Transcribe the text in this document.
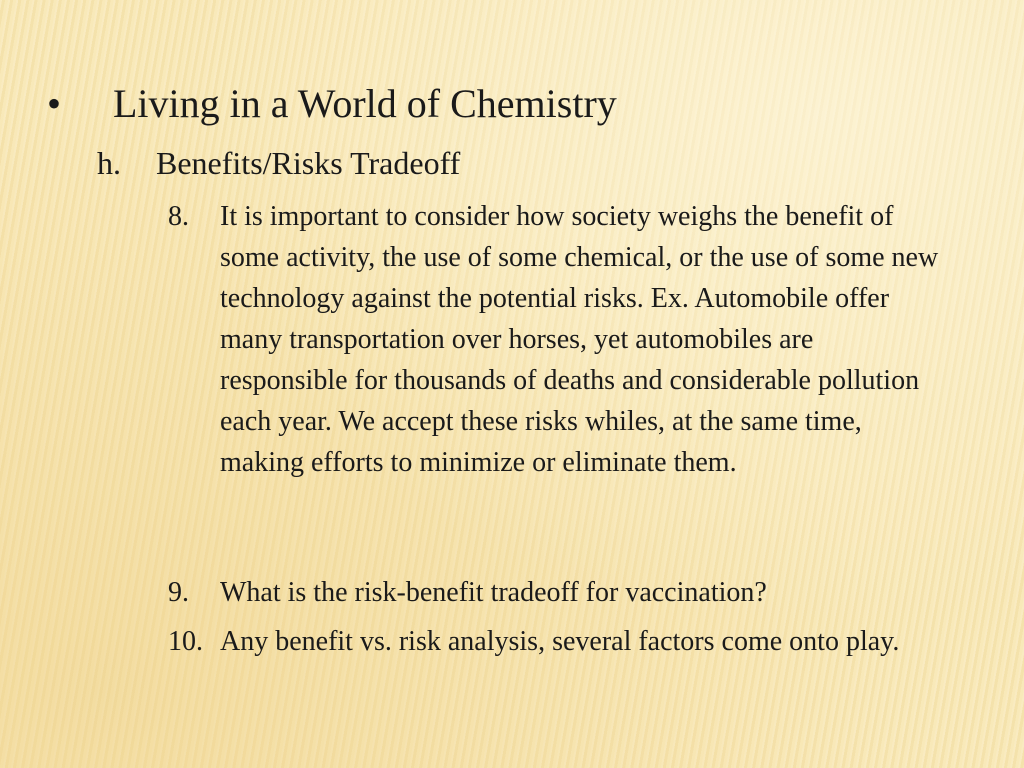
•	Living in a World of Chemistry
h.	Benefits/Risks Tradeoff
8.	It is important to consider how society weighs the benefit of some activity, the use of some chemical, or the use of some new technology against the potential risks. Ex. Automobile offer many transportation over horses, yet automobiles are responsible for thousands of deaths and considerable pollution each year. We accept these risks whiles, at the same time, making efforts to minimize or eliminate them.
9.	What is the risk-benefit tradeoff for vaccination?
10. Any benefit vs. risk analysis, several factors come onto play.
